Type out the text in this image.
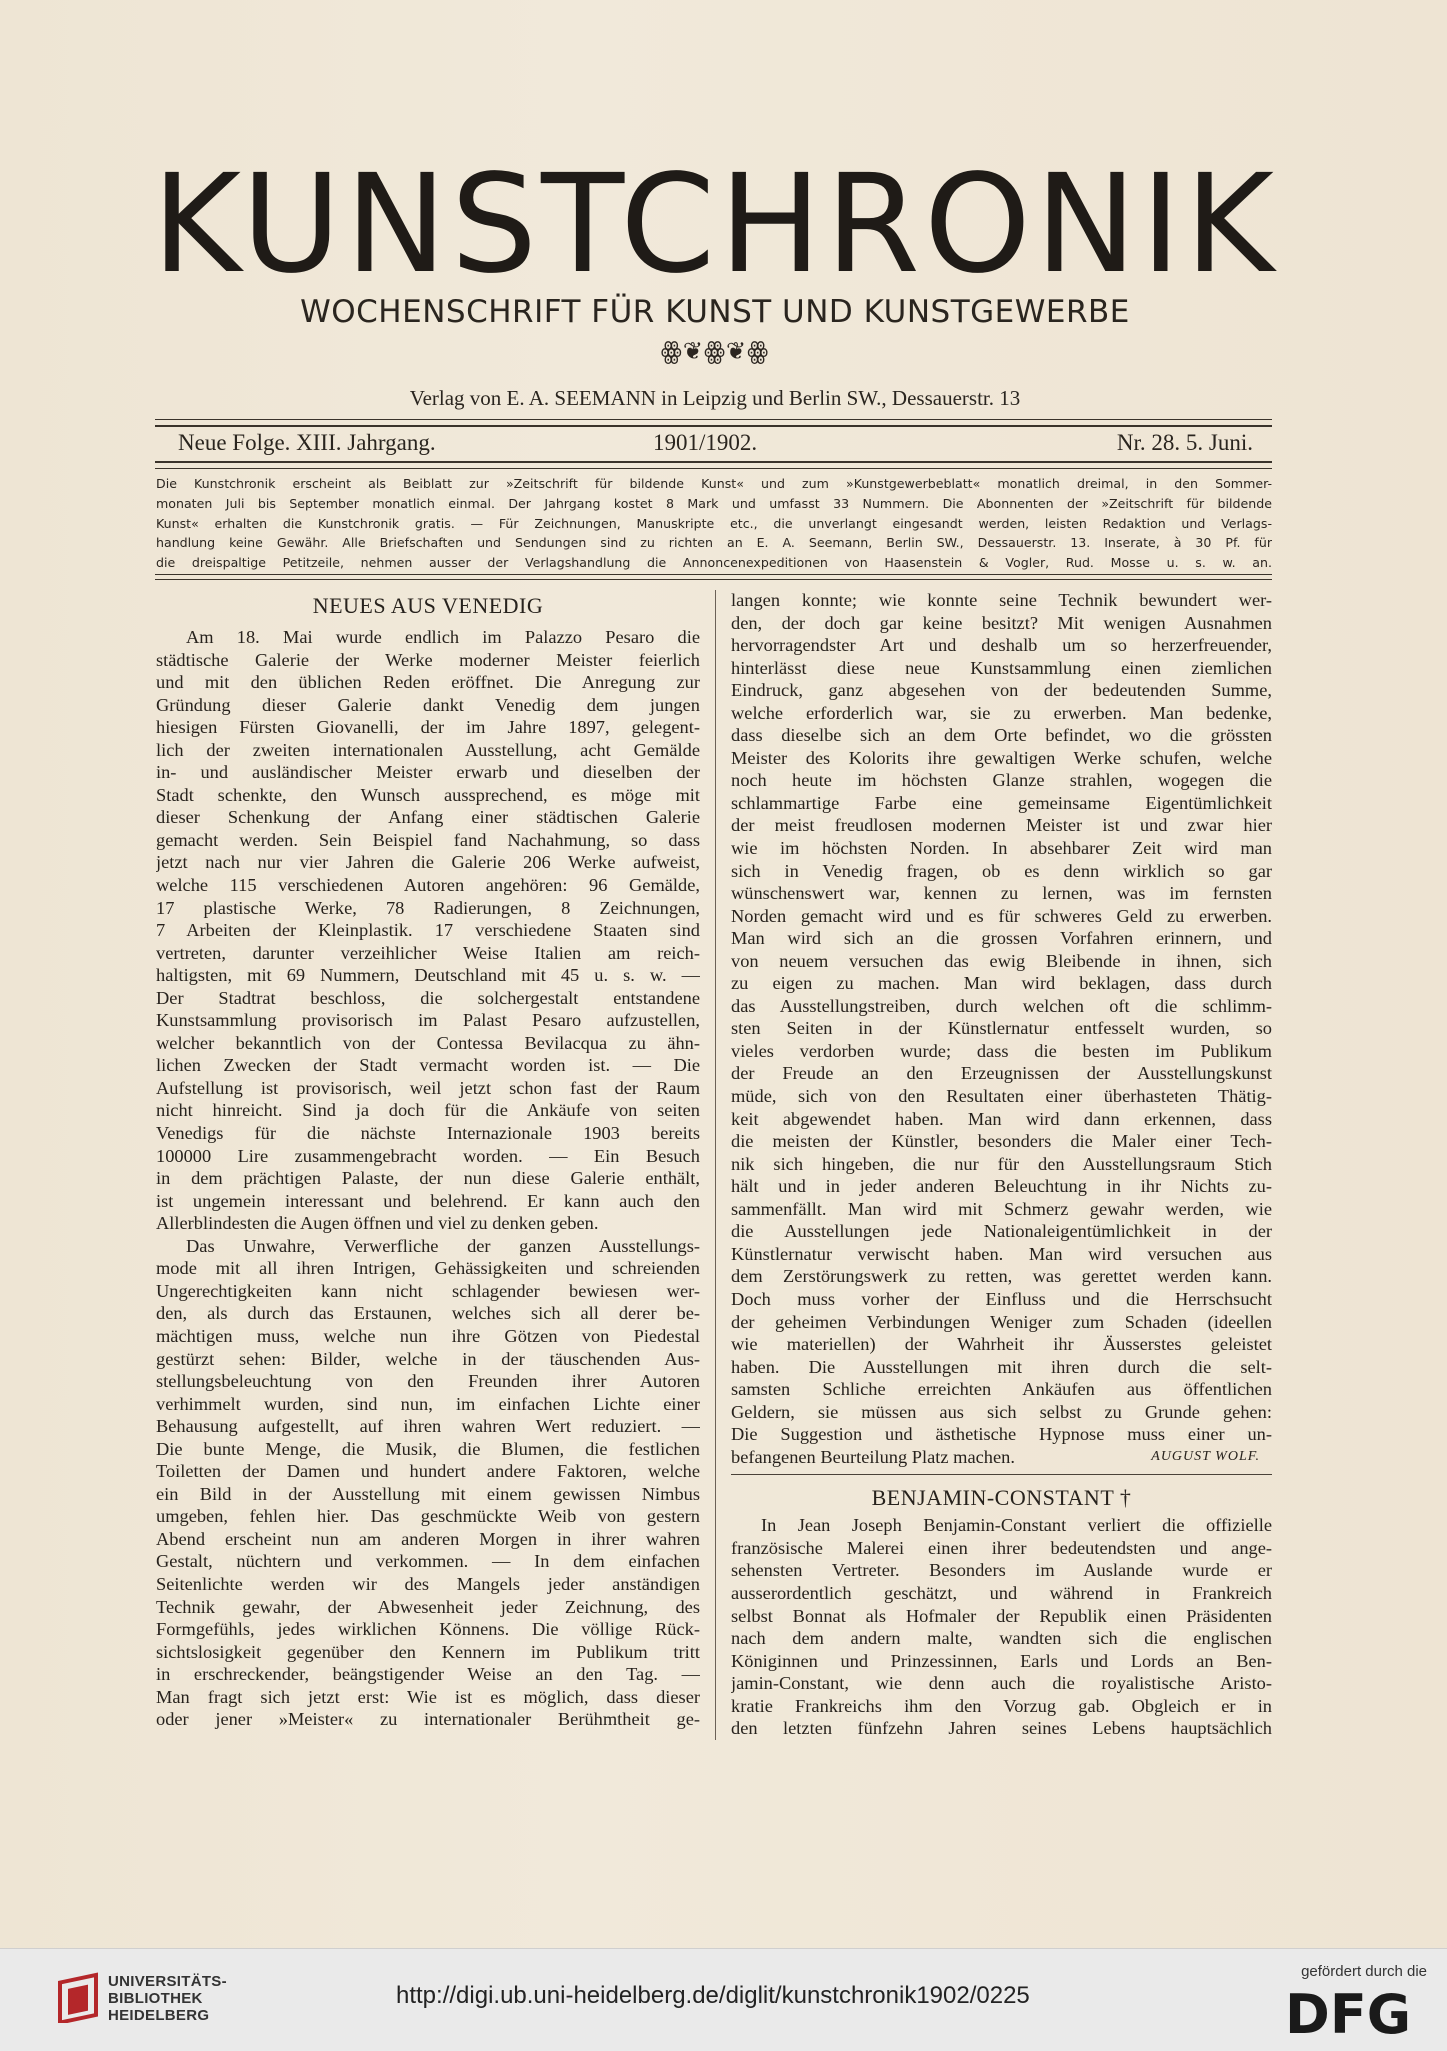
KUNSTCHRONIK
WOCHENSCHRIFT FÜR KUNST UND KUNSTGEWERBE
ꙮ❦ꙮ❦ꙮ
Verlag von E. A. SEEMANN in Leipzig und Berlin SW., Dessauerstr. 13
Neue Folge. XIII. Jahrgang.	1901/1902.	Nr. 28. 5. Juni.
Die Kunstchronik erscheint als Beiblatt zur »Zeitschrift für bildende Kunst« und zum »Kunstgewerbeblatt« monatlich dreimal, in den Sommer-
monaten Juli bis September monatlich einmal. Der Jahrgang kostet 8 Mark und umfasst 33 Nummern. Die Abonnenten der »Zeitschrift für bildende
Kunst« erhalten die Kunstchronik gratis. — Für Zeichnungen, Manuskripte etc., die unverlangt eingesandt werden, leisten Redaktion und Verlags-
handlung keine Gewähr. Alle Briefschaften und Sendungen sind zu richten an E. A. Seemann, Berlin SW., Dessauerstr. 13. Inserate, à 30 Pf. für
die dreispaltige Petitzeile, nehmen ausser der Verlagshandlung die Annoncenexpeditionen von Haasenstein & Vogler, Rud. Mosse u. s. w. an.
NEUES AUS VENEDIG
Am 18. Mai wurde endlich im Palazzo Pesaro die
städtische Galerie der Werke moderner Meister feierlich
und mit den üblichen Reden eröffnet. Die Anregung zur
Gründung dieser Galerie dankt Venedig dem jungen
hiesigen Fürsten Giovanelli, der im Jahre 1897, gelegent-
lich der zweiten internationalen Ausstellung, acht Gemälde
in- und ausländischer Meister erwarb und dieselben der
Stadt schenkte, den Wunsch aussprechend, es möge mit
dieser Schenkung der Anfang einer städtischen Galerie
gemacht werden. Sein Beispiel fand Nachahmung, so dass
jetzt nach nur vier Jahren die Galerie 206 Werke aufweist,
welche 115 verschiedenen Autoren angehören: 96 Gemälde,
17 plastische Werke, 78 Radierungen, 8 Zeichnungen,
7 Arbeiten der Kleinplastik. 17 verschiedene Staaten sind
vertreten, darunter verzeihlicher Weise Italien am reich-
haltigsten, mit 69 Nummern, Deutschland mit 45 u. s. w. —
Der Stadtrat beschloss, die solchergestalt entstandene
Kunstsammlung provisorisch im Palast Pesaro aufzustellen,
welcher bekanntlich von der Contessa Bevilacqua zu ähn-
lichen Zwecken der Stadt vermacht worden ist. — Die
Aufstellung ist provisorisch, weil jetzt schon fast der Raum
nicht hinreicht. Sind ja doch für die Ankäufe von seiten
Venedigs für die nächste Internazionale 1903 bereits
100000 Lire zusammengebracht worden. — Ein Besuch
in dem prächtigen Palaste, der nun diese Galerie enthält,
ist ungemein interessant und belehrend. Er kann auch den
Allerblindesten die Augen öffnen und viel zu denken geben.
Das Unwahre, Verwerfliche der ganzen Ausstellungs-
mode mit all ihren Intrigen, Gehässigkeiten und schreienden
Ungerechtigkeiten kann nicht schlagender bewiesen wer-
den, als durch das Erstaunen, welches sich all derer be-
mächtigen muss, welche nun ihre Götzen von Piedestal
gestürzt sehen: Bilder, welche in der täuschenden Aus-
stellungsbeleuchtung von den Freunden ihrer Autoren
verhimmelt wurden, sind nun, im einfachen Lichte einer
Behausung aufgestellt, auf ihren wahren Wert reduziert. —
Die bunte Menge, die Musik, die Blumen, die festlichen
Toiletten der Damen und hundert andere Faktoren, welche
ein Bild in der Ausstellung mit einem gewissen Nimbus
umgeben, fehlen hier. Das geschmückte Weib von gestern
Abend erscheint nun am anderen Morgen in ihrer wahren
Gestalt, nüchtern und verkommen. — In dem einfachen
Seitenlichte werden wir des Mangels jeder anständigen
Technik gewahr, der Abwesenheit jeder Zeichnung, des
Formgefühls, jedes wirklichen Könnens. Die völlige Rück-
sichtslosigkeit gegenüber den Kennern im Publikum tritt
in erschreckender, beängstigender Weise an den Tag. —
Man fragt sich jetzt erst: Wie ist es möglich, dass dieser
oder jener »Meister« zu internationaler Berühmtheit ge-
langen konnte; wie konnte seine Technik bewundert wer-
den, der doch gar keine besitzt? Mit wenigen Ausnahmen
hervorragendster Art und deshalb um so herzerfreuender,
hinterlässt diese neue Kunstsammlung einen ziemlichen
Eindruck, ganz abgesehen von der bedeutenden Summe,
welche erforderlich war, sie zu erwerben. Man bedenke,
dass dieselbe sich an dem Orte befindet, wo die grössten
Meister des Kolorits ihre gewaltigen Werke schufen, welche
noch heute im höchsten Glanze strahlen, wogegen die
schlammartige Farbe eine gemeinsame Eigentümlichkeit
der meist freudlosen modernen Meister ist und zwar hier
wie im höchsten Norden. In absehbarer Zeit wird man
sich in Venedig fragen, ob es denn wirklich so gar
wünschenswert war, kennen zu lernen, was im fernsten
Norden gemacht wird und es für schweres Geld zu erwerben.
Man wird sich an die grossen Vorfahren erinnern, und
von neuem versuchen das ewig Bleibende in ihnen, sich
zu eigen zu machen. Man wird beklagen, dass durch
das Ausstellungstreiben, durch welchen oft die schlimm-
sten Seiten in der Künstlernatur entfesselt wurden, so
vieles verdorben wurde; dass die besten im Publikum
der Freude an den Erzeugnissen der Ausstellungskunst
müde, sich von den Resultaten einer überhasteten Thätig-
keit abgewendet haben. Man wird dann erkennen, dass
die meisten der Künstler, besonders die Maler einer Tech-
nik sich hingeben, die nur für den Ausstellungsraum Stich
hält und in jeder anderen Beleuchtung in ihr Nichts zu-
sammenfällt. Man wird mit Schmerz gewahr werden, wie
die Ausstellungen jede Nationaleigentümlichkeit in der
Künstlernatur verwischt haben. Man wird versuchen aus
dem Zerstörungswerk zu retten, was gerettet werden kann.
Doch muss vorher der Einfluss und die Herrschsucht
der geheimen Verbindungen Weniger zum Schaden (ideellen
wie materiellen) der Wahrheit ihr Äusserstes geleistet
haben. Die Ausstellungen mit ihren durch die selt-
samsten Schliche erreichten Ankäufen aus öffentlichen
Geldern, sie müssen aus sich selbst zu Grunde gehen:
Die Suggestion und ästhetische Hypnose muss einer un-
befangenen Beurteilung Platz machen.	AUGUST WOLF.
BENJAMIN-CONSTANT †
In Jean Joseph Benjamin-Constant verliert die offizielle
französische Malerei einen ihrer bedeutendsten und ange-
sehensten Vertreter. Besonders im Auslande wurde er
ausserordentlich geschätzt, und während in Frankreich
selbst Bonnat als Hofmaler der Republik einen Präsidenten
nach dem andern malte, wandten sich die englischen
Königinnen und Prinzessinnen, Earls und Lords an Ben-
jamin-Constant, wie denn auch die royalistische Aristo-
kratie Frankreichs ihm den Vorzug gab. Obgleich er in
den letzten fünfzehn Jahren seines Lebens hauptsächlich
UNIVERSITÄTS-
BIBLIOTHEK
HEIDELBERG
http://digi.ub.uni-heidelberg.de/diglit/kunstchronik1902/0225
gefördert durch die
DFG
